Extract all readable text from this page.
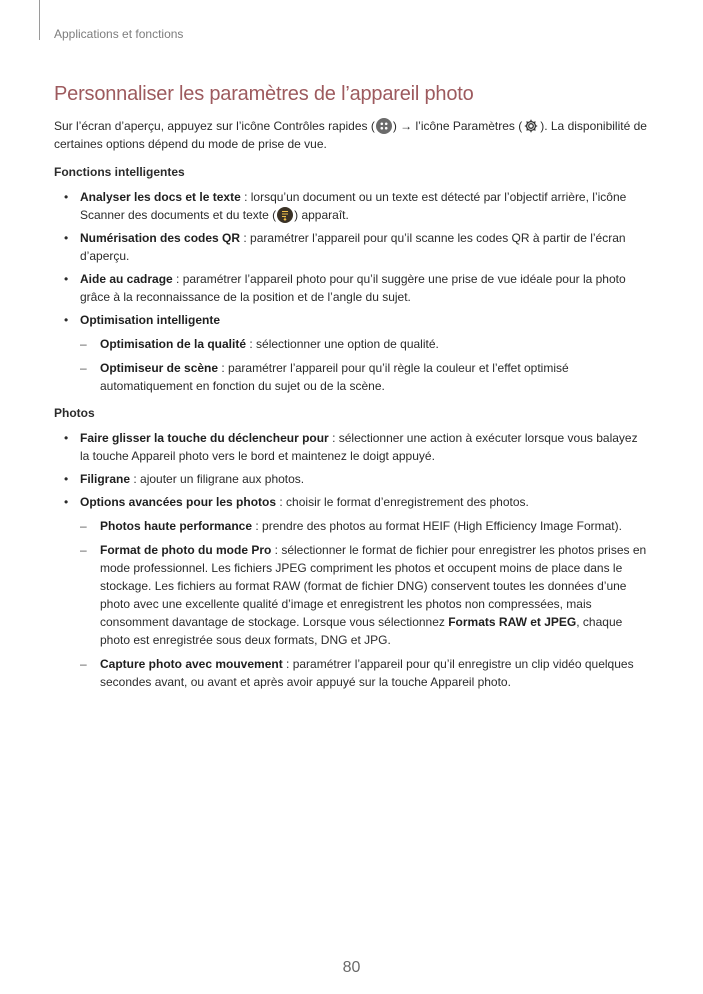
Applications et fonctions
Personnaliser les paramètres de l’appareil photo

Sur l’écran d’aperçu, appuyez sur l’icône Contrôles rapides ( ) → l’icône Paramètres ( ). La disponibilité de certaines options dépend du mode de prise de vue.

Fonctions intelligentes
• Analyser les docs et le texte : lorsqu’un document ou un texte est détecté par l’objectif arrière, l’icône Scanner des documents et du texte ( ) apparaît.
• Numérisation des codes QR : paramétrer l’appareil pour qu’il scanne les codes QR à partir de l’écran d’aperçu.
• Aide au cadrage : paramétrer l’appareil photo pour qu’il suggère une prise de vue idéale pour la photo grâce à la reconnaissance de la position et de l’angle du sujet.
• Optimisation intelligente
– Optimisation de la qualité : sélectionner une option de qualité.
– Optimiseur de scène : paramétrer l’appareil pour qu’il règle la couleur et l’effet optimisé automatiquement en fonction du sujet ou de la scène.
Photos
• Faire glisser la touche du déclencheur pour : sélectionner une action à exécuter lorsque vous balayez la touche Appareil photo vers le bord et maintenez le doigt appuyé.
• Filigrane : ajouter un filigrane aux photos.
• Options avancées pour les photos : choisir le format d’enregistrement des photos.
– Photos haute performance : prendre des photos au format HEIF (High Efficiency Image Format).
– Format de photo du mode Pro : sélectionner le format de fichier pour enregistrer les photos prises en mode professionnel. Les fichiers JPEG compriment les photos et occupent moins de place dans le stockage. Les fichiers au format RAW (format de fichier DNG) conservent toutes les données d’une photo avec une excellente qualité d’image et enregistrent les photos non compressées, mais consomment davantage de stockage. Lorsque vous sélectionnez Formats RAW et JPEG, chaque photo est enregistrée sous deux formats, DNG et JPG.
– Capture photo avec mouvement : paramétrer l’appareil pour qu’il enregistre un clip vidéo quelques secondes avant, ou avant et après avoir appuyé sur la touche Appareil photo.
80
